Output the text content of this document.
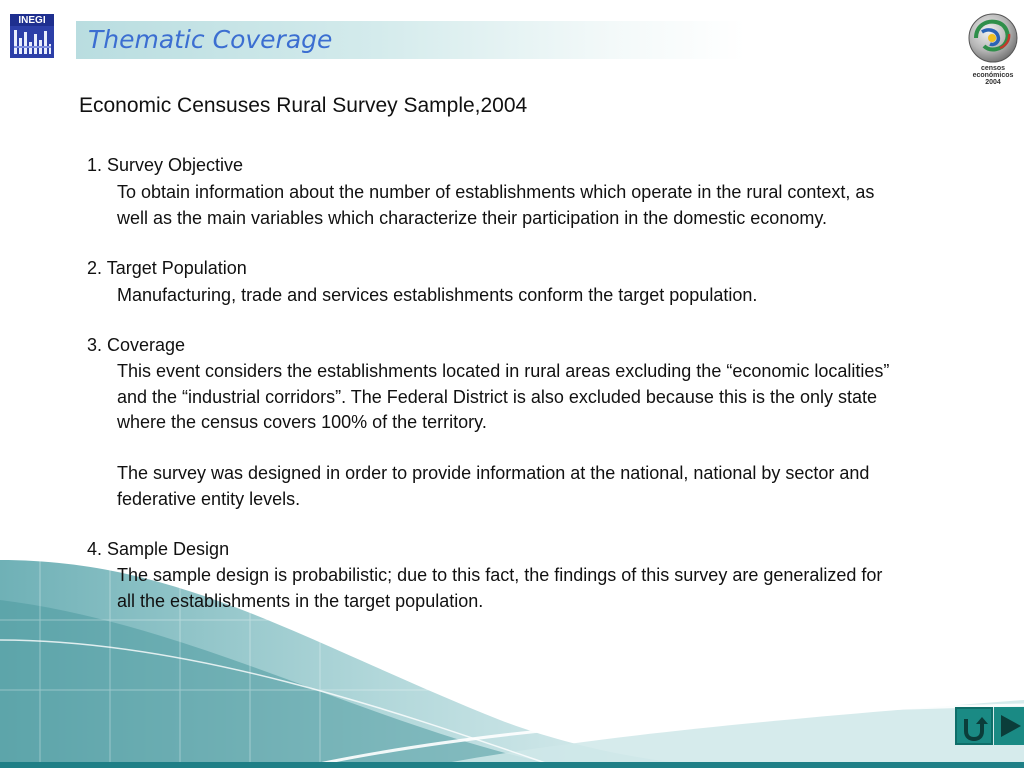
INEGI
Thematic Coverage
censos
económicos
2004
Economic Censuses Rural Survey Sample,2004
1. Survey Objective
To obtain information about the number of establishments which operate in the rural context, as
well as the main variables which characterize their participation in the domestic economy.
2. Target Population
Manufacturing, trade and services establishments conform the target population.
3. Coverage
This event considers the establishments located in rural areas excluding the “economic localities”
and the “industrial corridors”. The Federal District is also excluded because this is the only state
where the census covers 100% of the territory.
The survey was designed in order to provide information at the national, national by sector and
federative entity levels.
4. Sample Design
The sample design is probabilistic; due to this fact, the findings of this survey are generalized for
all the establishments in the target population.
